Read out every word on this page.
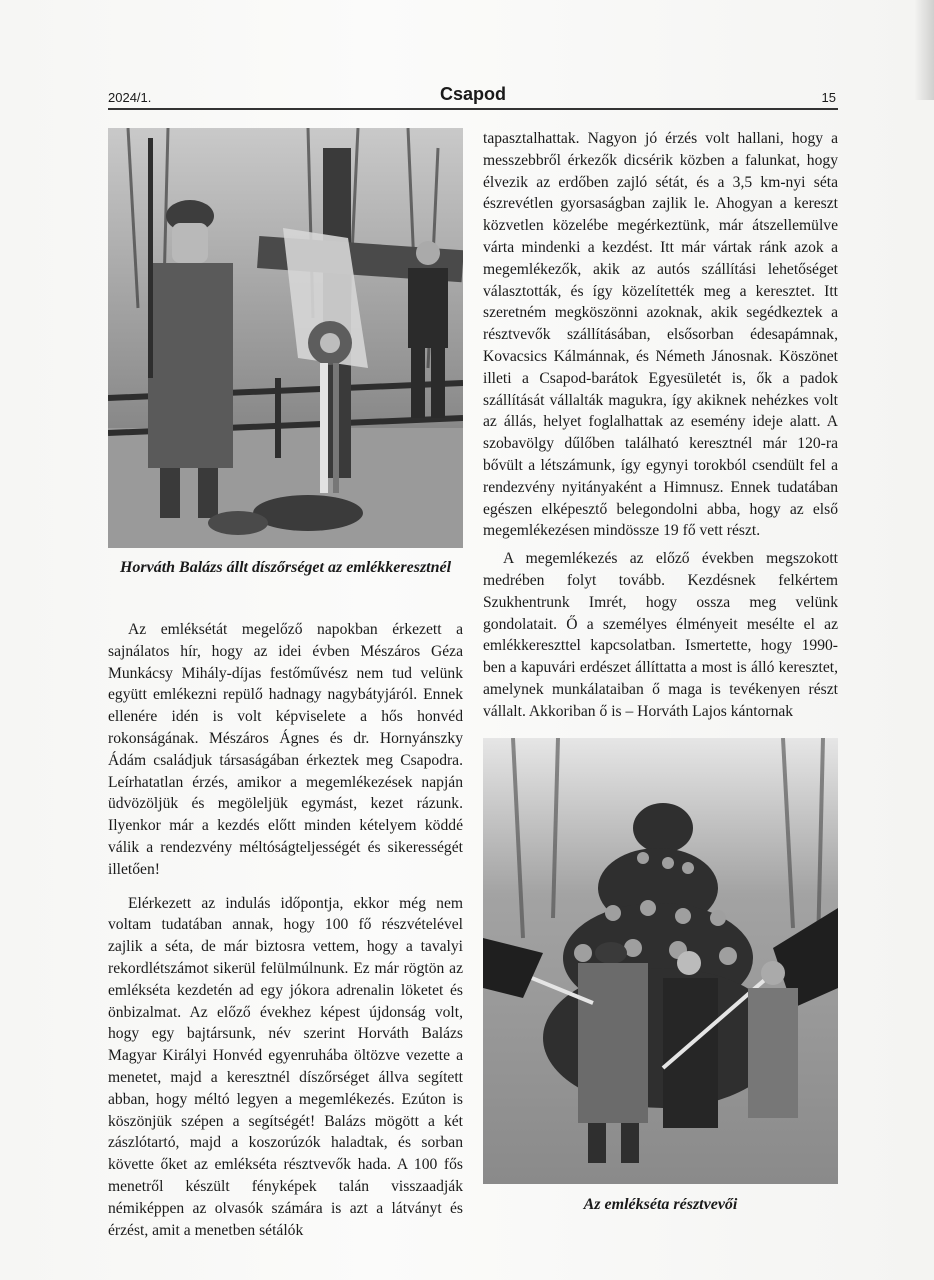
2024/1.	Csapod	15
Horváth Balázs állt díszőrséget az emlékkeresztnél

Az emléksétát megelőző napokban érkezett a sajnálatos hír, hogy az idei évben Mészáros Géza Munkácsy Mihály-díjas festőművész nem tud velünk együtt emlékezni repülő hadnagy nagybátyjáról. Ennek ellenére idén is volt képviselete a hős honvéd rokonságának. Mészáros Ágnes és dr. Hornyánszky Ádám családjuk társaságában érkeztek meg Csapodra. Leírhatatlan érzés, amikor a megemlékezések napján üdvözöljük és megöleljük egymást, kezet rázunk. Ilyenkor már a kezdés előtt minden kételyem köddé válik a rendezvény méltóságteljességét és sikerességét illetően!

Elérkezett az indulás időpontja, ekkor még nem voltam tudatában annak, hogy 100 fő részvételével zajlik a séta, de már biztosra vettem, hogy a tavalyi rekordlétszámot sikerül felülmúlnunk. Ez már rögtön az emlékséta kezdetén ad egy jókora adrenalin löketet és önbizalmat. Az előző évekhez képest újdonság volt, hogy egy bajtársunk, név szerint Horváth Balázs Magyar Királyi Honvéd egyenruhába öltözve vezette a menetet, majd a keresztnél díszőrséget állva segített abban, hogy méltó legyen a megemlékezés. Ezúton is köszönjük szépen a segítségét! Balázs mögött a két zászlótartó, majd a koszorúzók haladtak, és sorban követte őket az emlékséta résztvevők hada. A 100 fős menetről készült fényképek talán visszaadják némiképpen az olvasók számára is azt a látványt és érzést, amit a menetben sétálók

tapasztalhattak. Nagyon jó érzés volt hallani, hogy a messzebbről érkezők dicsérik közben a falunkat, hogy élvezik az erdőben zajló sétát, és a 3,5 km-nyi séta észrevétlen gyorsaságban zajlik le. Ahogyan a kereszt közvetlen közelébe megérkeztünk, már átszellemülve várta mindenki a kezdést. Itt már vártak ránk azok a megemlékezők, akik az autós szállítási lehetőséget választották, és így közelítették meg a keresztet. Itt szeretném megköszönni azoknak, akik segédkeztek a résztvevők szállításában, elsősorban édesapámnak, Kovacsics Kálmánnak, és Németh Jánosnak. Köszönet illeti a Csapod-barátok Egyesületét is, ők a padok szállítását vállalták magukra, így akiknek nehézkes volt az állás, helyet foglalhattak az esemény ideje alatt. A szobavölgy dűlőben található keresztnél már 120-ra bővült a létszámunk, így egynyi torokból csendült fel a rendezvény nyitányaként a Himnusz. Ennek tudatában egészen elképesztő belegondolni abba, hogy az első megemlékezésen mindössze 19 fő vett részt.

A megemlékezés az előző években megszokott medrében folyt tovább. Kezdésnek felkértem Szukhentrunk Imrét, hogy ossza meg velünk gondolatait. Ő a személyes élményeit mesélte el az emlékkereszttel kapcsolatban. Ismertette, hogy 1990-ben a kapuvári erdészet állíttatta a most is álló keresztet, amelynek munkálataiban ő maga is tevékenyen részt vállalt. Akkoriban ő is – Horváth Lajos kántornak

Az emlékséta résztvevői
